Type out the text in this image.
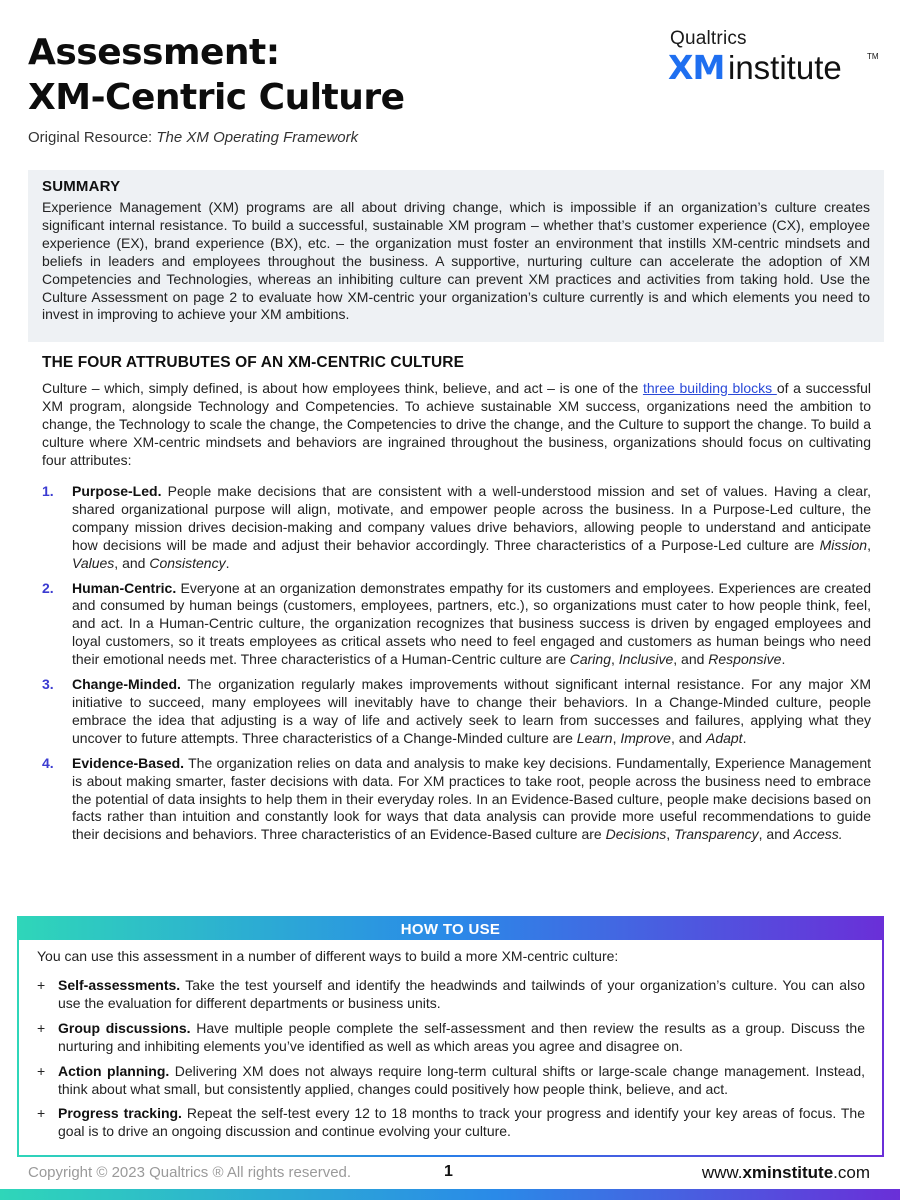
Assessment:
XM-Centric Culture
Original Resource: The XM Operating Framework
Qualtrics
XM institute	TM
SUMMARY

Experience Management (XM) programs are all about driving change, which is impossible if an organization’s culture creates significant internal resistance. To build a successful, sustainable XM program – whether that’s customer experience (CX), employee experience (EX), brand experience (BX), etc. – the organization must foster an environment that instills XM-centric mindsets and beliefs in leaders and employees throughout the business. A supportive, nurturing culture can accelerate the adoption of XM Competencies and Technologies, whereas an inhibiting culture can prevent XM practices and activities from taking hold. Use the Culture Assessment on page 2 to evaluate how XM-centric your organization’s culture currently is and which elements you need to invest in improving to achieve your XM ambitions.

THE FOUR ATTRUBUTES OF AN XM-CENTRIC CULTURE

Culture – which, simply defined, is about how employees think, believe, and act – is one of the three building blocks of a successful XM program, alongside Technology and Competencies. To achieve sustainable XM success, organizations need the ambition to change, the Technology to scale the change, the Competencies to drive the change, and the Culture to support the change. To build a culture where XM-centric mindsets and behaviors are ingrained throughout the business, organizations should focus on cultivating four attributes:

1. Purpose-Led. People make decisions that are consistent with a well-understood mission and set of values. Having a clear, shared organizational purpose will align, motivate, and empower people across the business. In a Purpose-Led culture, the company mission drives decision-making and company values drive behaviors, allowing people to understand and anticipate how decisions will be made and adjust their behavior accordingly. Three characteristics of a Purpose-Led culture are Mission, Values, and Consistency.
2. Human-Centric. Everyone at an organization demonstrates empathy for its customers and employees. Experiences are created and consumed by human beings (customers, employees, partners, etc.), so organizations must cater to how people think, feel, and act. In a Human-Centric culture, the organization recognizes that business success is driven by engaged employees and loyal customers, so it treats employees as critical assets who need to feel engaged and customers as human beings who need their emotional needs met. Three characteristics of a Human-Centric culture are Caring, Inclusive, and Responsive.
3. Change-Minded. The organization regularly makes improvements without significant internal resistance. For any major XM initiative to succeed, many employees will inevitably have to change their behaviors. In a Change-Minded culture, people embrace the idea that adjusting is a way of life and actively seek to learn from successes and failures, applying what they uncover to future attempts. Three characteristics of a Change-Minded culture are Learn, Improve, and Adapt.
4. Evidence-Based. The organization relies on data and analysis to make key decisions. Fundamentally, Experience Management is about making smarter, faster decisions with data. For XM practices to take root, people across the business need to embrace the potential of data insights to help them in their everyday roles. In an Evidence-Based culture, people make decisions based on facts rather than intuition and constantly look for ways that data analysis can provide more useful recommendations to guide their decisions and behaviors. Three characteristics of an Evidence-Based culture are Decisions, Transparency, and Access.
HOW TO USE
You can use this assessment in a number of different ways to build a more XM-centric culture:
+ Self-assessments. Take the test yourself and identify the headwinds and tailwinds of your organization’s culture. You can also use the evaluation for different departments or business units.
+ Group discussions. Have multiple people complete the self-assessment and then review the results as a group. Discuss the nurturing and inhibiting elements you’ve identified as well as which areas you agree and disagree on.
+ Action planning. Delivering XM does not always require long-term cultural shifts or large-scale change management. Instead, think about what small, but consistently applied, changes could positively how people think, believe, and act.
+ Progress tracking. Repeat the self-test every 12 to 18 months to track your progress and identify your key areas of focus. The goal is to drive an ongoing discussion and continue evolving your culture.
Copyright © 2023 Qualtrics ® All rights reserved.	1	www.xminstitute.com
